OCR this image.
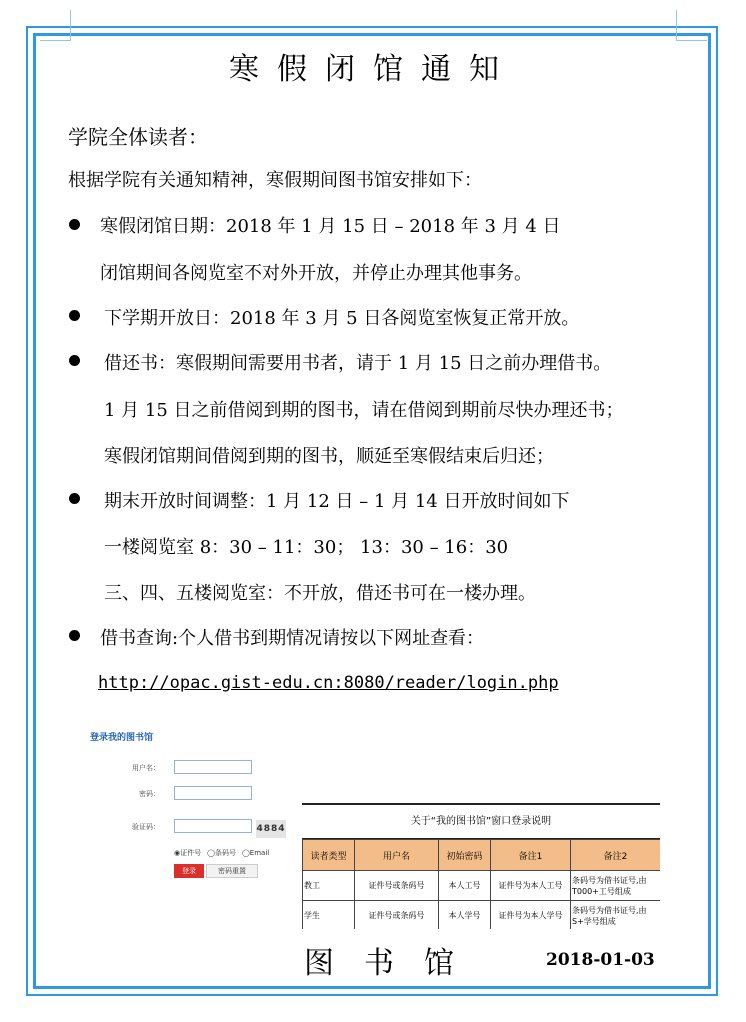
寒假闭馆通知
学院全体读者：
根据学院有关通知精神，寒假期间图书馆安排如下：
寒假闭馆日期：2018 年 1 月 15 日 – 2018 年 3 月 4 日
闭馆期间各阅览室不对外开放，并停止办理其他事务。
下学期开放日：2018 年 3 月 5 日各阅览室恢复正常开放。
借还书：寒假期间需要用书者，请于 1 月 15 日之前办理借书。
1 月 15 日之前借阅到期的图书，请在借阅到期前尽快办理还书；
寒假闭馆期间借阅到期的图书，顺延至寒假结束后归还；
期末开放时间调整：1 月 12 日 – 1 月 14 日开放时间如下
一楼阅览室 8：30 – 11：30； 13：30 – 16：30
三、四、五楼阅览室：不开放，借还书可在一楼办理。
借书查询:个人借书到期情况请按以下网址查看：
http://opac.gist-edu.cn:8080/reader/login.php
登录我的图书馆
用户名：
密码：
验证码：	4884
◉证件号 ◯条码号 ◯Email
登录	密码重置
关于“我的图书馆”窗口登录说明
读者类型	用户名	初始密码	备注1	备注2
教工	证件号或条码号	本人工号	证件号为本人工号	条码号为借书证号,由T000+工号组成
学生	证件号或条码号	本人学号	证件号为本人学号	条码号为借书证号,由S+学号组成
图书馆	2018-01-03
